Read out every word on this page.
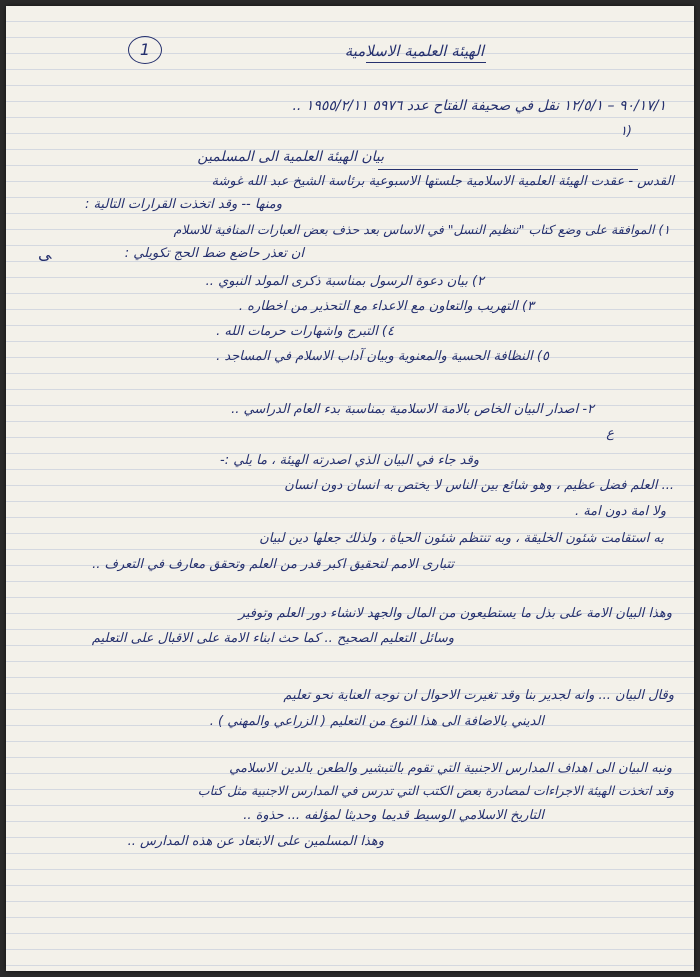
1	الهيئة العلمية الاسلامية
٩٠/١٧/١ – ١٢/٥/١ نقل في صحيفة الفتاح عدد ٥٩٧٦ ١٩٥٥/٢/١١ ..
١)
بيان الهيئة العلمية الى المسلمين
القدس - عقدت الهيئة العلمية الاسلامية جلستها الاسبوعية برئاسة الشيخ عبد الله غوشة
ومنها -- وقد اتخذت القرارات التالية :
١) الموافقة على وضع كتاب "تنظيم النسل" في الاساس بعد حذف بعض العبارات المنافية للاسلام
ان تعذر حاضع ضط الحج تكويلي :
ﻰ
٢) بيان دعوة الرسول بمناسبة ذكرى المولد النبوي ..
٣) التهريب والتعاون مع الاعداء مع التحذير من اخطاره .
٤) التبرج واشهارات حرمات الله .
٥) النظافة الحسية والمعنوية وبيان آداب الاسلام في المساجد .
٢- اصدار البيان الخاص بالامة الاسلامية بمناسبة بدء العام الدراسي ..
ع
وقد جاء في البيان الذي اصدرته الهيئة ، ما يلي :-
... العلم فضل عظيم ، وهو شائع بين الناس لا يختص به انسان دون انسان
ولا امة دون امة .
به استقامت شئون الخليقة ، وبه تنتظم شئون الحياة ، ولذلك جعلها دين لبيان
تتبارى الامم لتحقيق اكبر قدر من العلم وتحقق معارف في التعرف ..
وهذا البيان الامة على بذل ما يستطيعون من المال والجهد لانشاء دور العلم وتوفير
وسائل التعليم الصحيح .. كما حث ابناء الامة على الاقبال على التعليم
وقال البيان ... وانه لجدير بنا وقد تغيرت الاحوال ان نوجه العناية نحو تعليم
الديني بالاضافة الى هذا النوع من التعليم ( الزراعي والمهني ) .
ونبه البيان الى اهداف المدارس الاجنبية التي تقوم بالتبشير والطعن بالدين الاسلامي
وقد اتخذت الهيئة الاجراءات لمصادرة بعض الكتب التي تدرس في المدارس الاجنبية مثل كتاب
التاريخ الاسلامي الوسيط قديما وحديثا لمؤلفه ... حذوة ..
وهذا المسلمين على الابتعاد عن هذه المدارس ..
